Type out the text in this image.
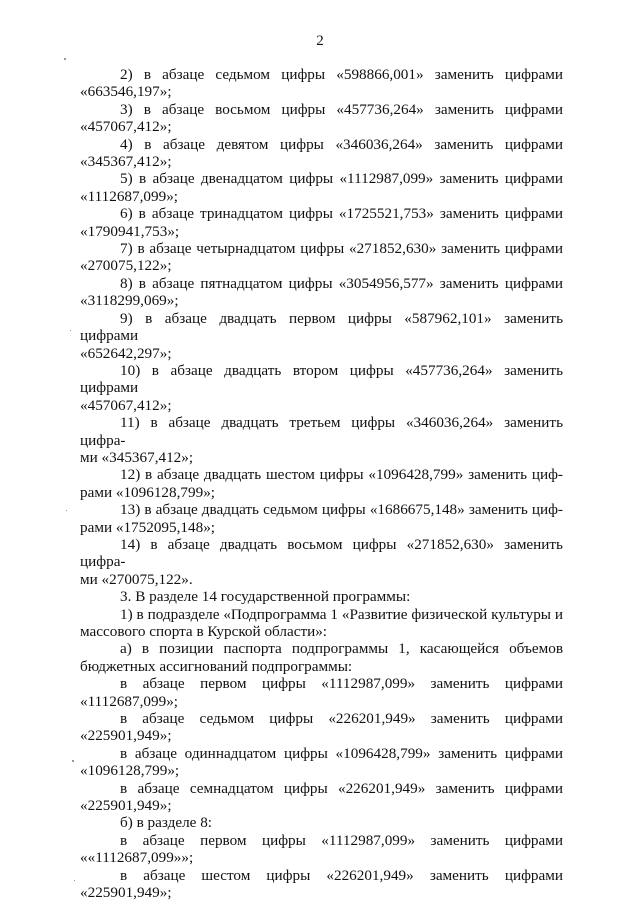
2
2) в абзаце седьмом цифры «598866,001» заменить цифрами
«663546,197»;
3) в абзаце восьмом цифры «457736,264» заменить цифрами
«457067,412»;
4) в абзаце девятом цифры «346036,264» заменить цифрами
«345367,412»;
5) в абзаце двенадцатом цифры «1112987,099» заменить цифрами
«1112687,099»;
6) в абзаце тринадцатом цифры «1725521,753» заменить цифрами
«1790941,753»;
7) в абзаце четырнадцатом цифры «271852,630» заменить цифрами
«270075,122»;
8) в абзаце пятнадцатом цифры «3054956,577» заменить цифрами
«3118299,069»;
9) в абзаце двадцать первом цифры «587962,101» заменить цифрами
«652642,297»;
10) в абзаце двадцать втором цифры «457736,264» заменить цифрами
«457067,412»;
11) в абзаце двадцать третьем цифры «346036,264» заменить цифра-
ми «345367,412»;
12) в абзаце двадцать шестом цифры «1096428,799» заменить циф-
рами «1096128,799»;
13) в абзаце двадцать седьмом цифры «1686675,148» заменить циф-
рами «1752095,148»;
14) в абзаце двадцать восьмом цифры «271852,630» заменить цифра-
ми «270075,122».
3. В разделе 14 государственной программы:
1) в подразделе «Подпрограмма 1 «Развитие физической культуры и
массового спорта в Курской области»:
а) в позиции паспорта подпрограммы 1, касающейся объемов
бюджетных ассигнований подпрограммы:
в абзаце первом цифры «1112987,099» заменить цифрами
«1112687,099»;
в абзаце седьмом цифры «226201,949» заменить цифрами
«225901,949»;
в абзаце одиннадцатом цифры «1096428,799» заменить цифрами
«1096128,799»;
в абзаце семнадцатом цифры «226201,949» заменить цифрами
«225901,949»;
б) в разделе 8:
в абзаце первом цифры «1112987,099» заменить цифрами
««1112687,099»»;
в абзаце шестом цифры «226201,949» заменить цифрами
«225901,949»;
